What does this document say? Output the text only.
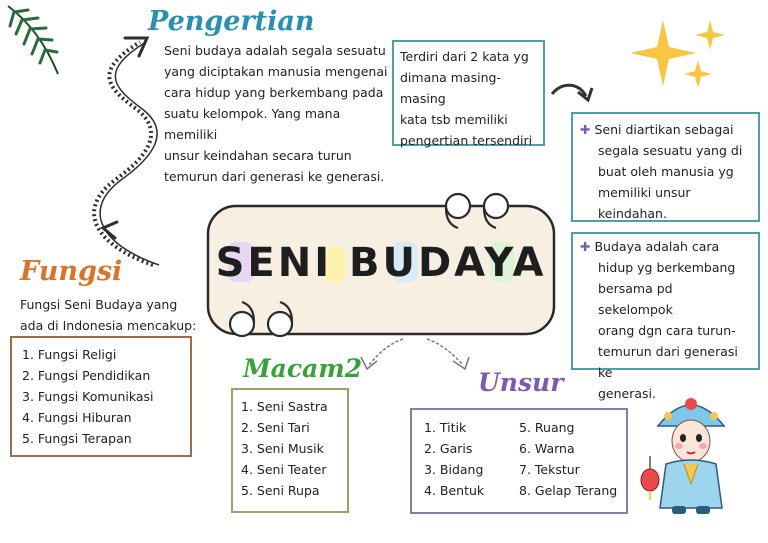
Pengertian
Seni budaya adalah segala sesuatu
yang diciptakan manusia mengenai
cara hidup yang berkembang pada
suatu kelompok. Yang mana memiliki
unsur keindahan secara turun
temurun dari generasi ke generasi.
Terdiri dari 2 kata yg
dimana masing-masing
kata tsb memiliki
pengertian tersendiri
✚ Seni diartikan sebagai
segala sesuatu yang di
buat oleh manusia yg
memiliki unsur keindahan.
✚ Budaya adalah cara
hidup yg berkembang
bersama pd sekelompok
orang dgn cara turun-
temurun dari generasi ke
generasi.
SENI BUDAYA
Fungsi
Fungsi Seni Budaya yang
ada di Indonesia mencakup:
1. Fungsi Religi
2. Fungsi Pendidikan
3. Fungsi Komunikasi
4. Fungsi Hiburan
5. Fungsi Terapan
Macam2
1. Seni Sastra
2. Seni Tari
3. Seni Musik
4. Seni Teater
5. Seni Rupa
Unsur
1. Titik
2. Garis
3. Bidang
4. Bentuk
5. Ruang
6. Warna
7. Tekstur
8. Gelap Terang
